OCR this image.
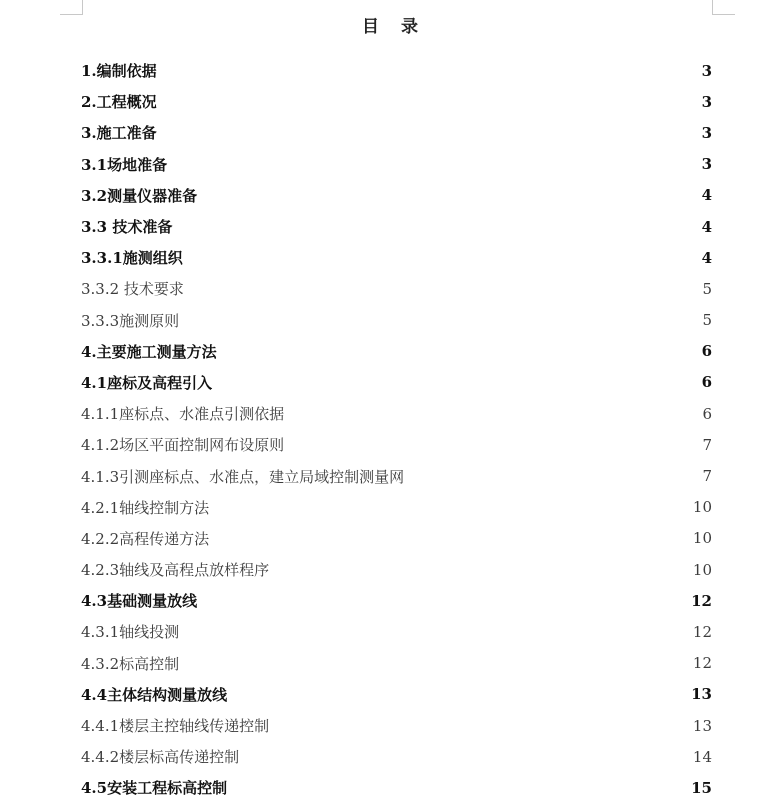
目 录
1.编制依据	3
2.工程概况	3
3.施工准备	3
3.1场地准备	3
3.2测量仪器准备	4
3.3 技术准备	4
3.3.1施测组织	4
3.3.2 技术要求	5
3.3.3施测原则	5
4.主要施工测量方法	6
4.1座标及高程引入	6
4.1.1座标点、水准点引测依据	6
4.1.2场区平面控制网布设原则	7
4.1.3引测座标点、水准点，建立局域控制测量网	7
4.2.1轴线控制方法	10
4.2.2高程传递方法	10
4.2.3轴线及高程点放样程序	10
4.3基础测量放线	12
4.3.1轴线投测	12
4.3.2标高控制	12
4.4主体结构测量放线	13
4.4.1楼层主控轴线传递控制	13
4.4.2楼层标高传递控制	14
4.5安装工程标高控制	15
